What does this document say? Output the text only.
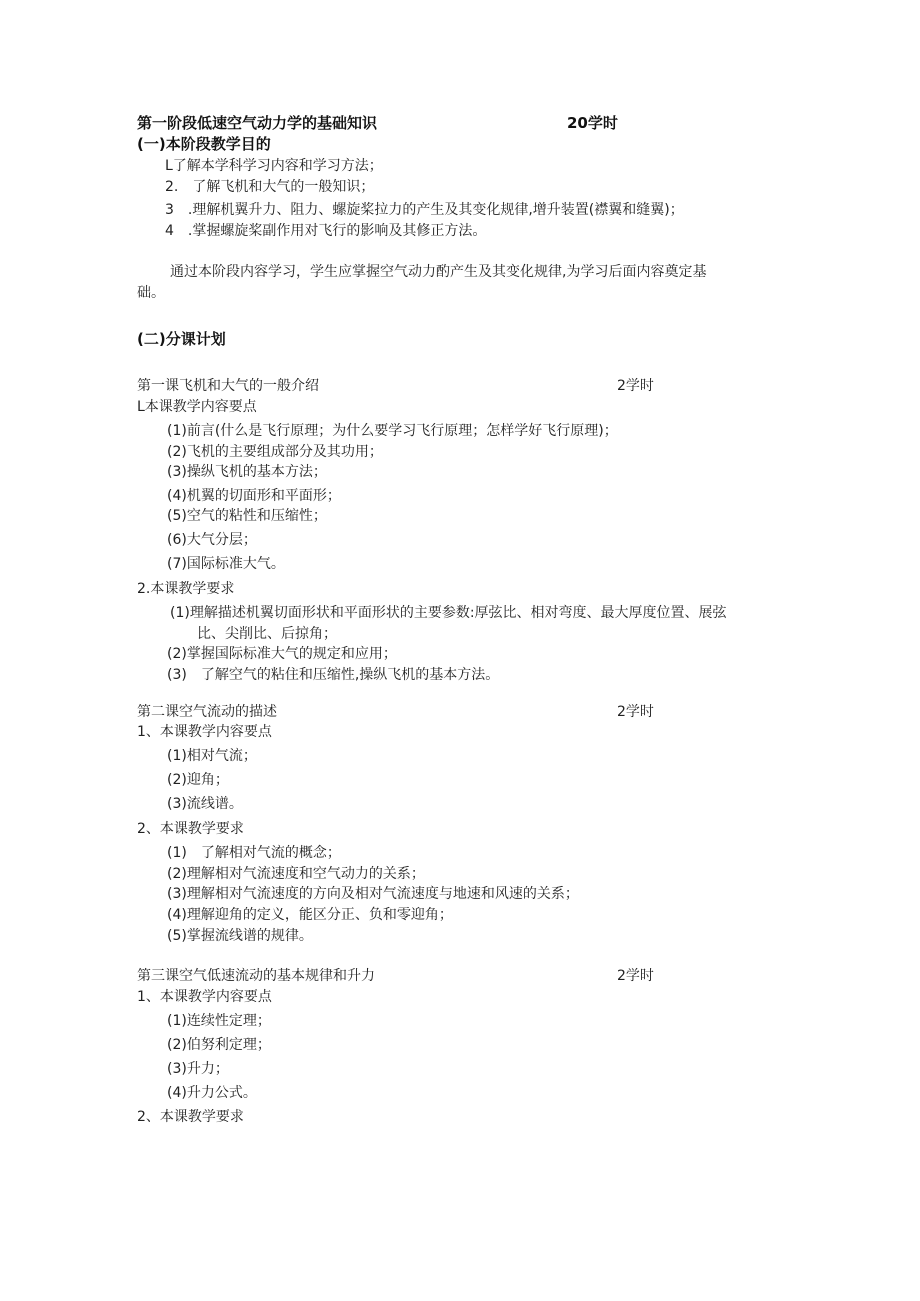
第一阶段低速空气动力学的基础知识	20学时
(一)本阶段教学目的
L了解本学科学习内容和学习方法；
2.　了解飞机和大气的一般知识；
3　.理解机翼升力、阻力、螺旋桨拉力的产生及其变化规律,增升装置(襟翼和缝翼)；
4　.掌握螺旋桨副作用对飞行的影响及其修正方法。
通过本阶段内容学习，学生应掌握空气动力酌产生及其变化规律,为学习后面内容奠定基
础。
(二)分课计划
第一课飞机和大气的一般介绍	2学时
L本课教学内容要点
(1)前言(什么是飞行原理；为什么要学习飞行原理；怎样学好飞行原理)；
(2)飞机的主要组成部分及其功用；
(3)操纵飞机的基本方法；
(4)机翼的切面形和平面形；
(5)空气的粘性和压缩性；
(6)大气分层；
(7)国际标准大气。
2.本课教学要求
(1)理解描述机翼切面形状和平面形状的主要参数:厚弦比、相对弯度、最大厚度位置、展弦
比、尖削比、后掠角；
(2)掌握国际标准大气的规定和应用；
(3)　了解空气的粘住和压缩性,操纵飞机的基本方法。
第二课空气流动的描述	2学时
1、本课教学内容要点
(1)相对气流；
(2)迎角；
(3)流线谱。
2、本课教学要求
(1)　了解相对气流的概念；
(2)理解相对气流速度和空气动力的关系；
(3)理解相对气流速度的方向及相对气流速度与地速和风速的关系；
(4)理解迎角的定义，能区分正、负和零迎角；
(5)掌握流线谱的规律。
第三课空气低速流动的基本规律和升力	2学时
1、本课教学内容要点
(1)连续性定理；
(2)伯努利定理；
(3)升力；
(4)升力公式。
2、本课教学要求
